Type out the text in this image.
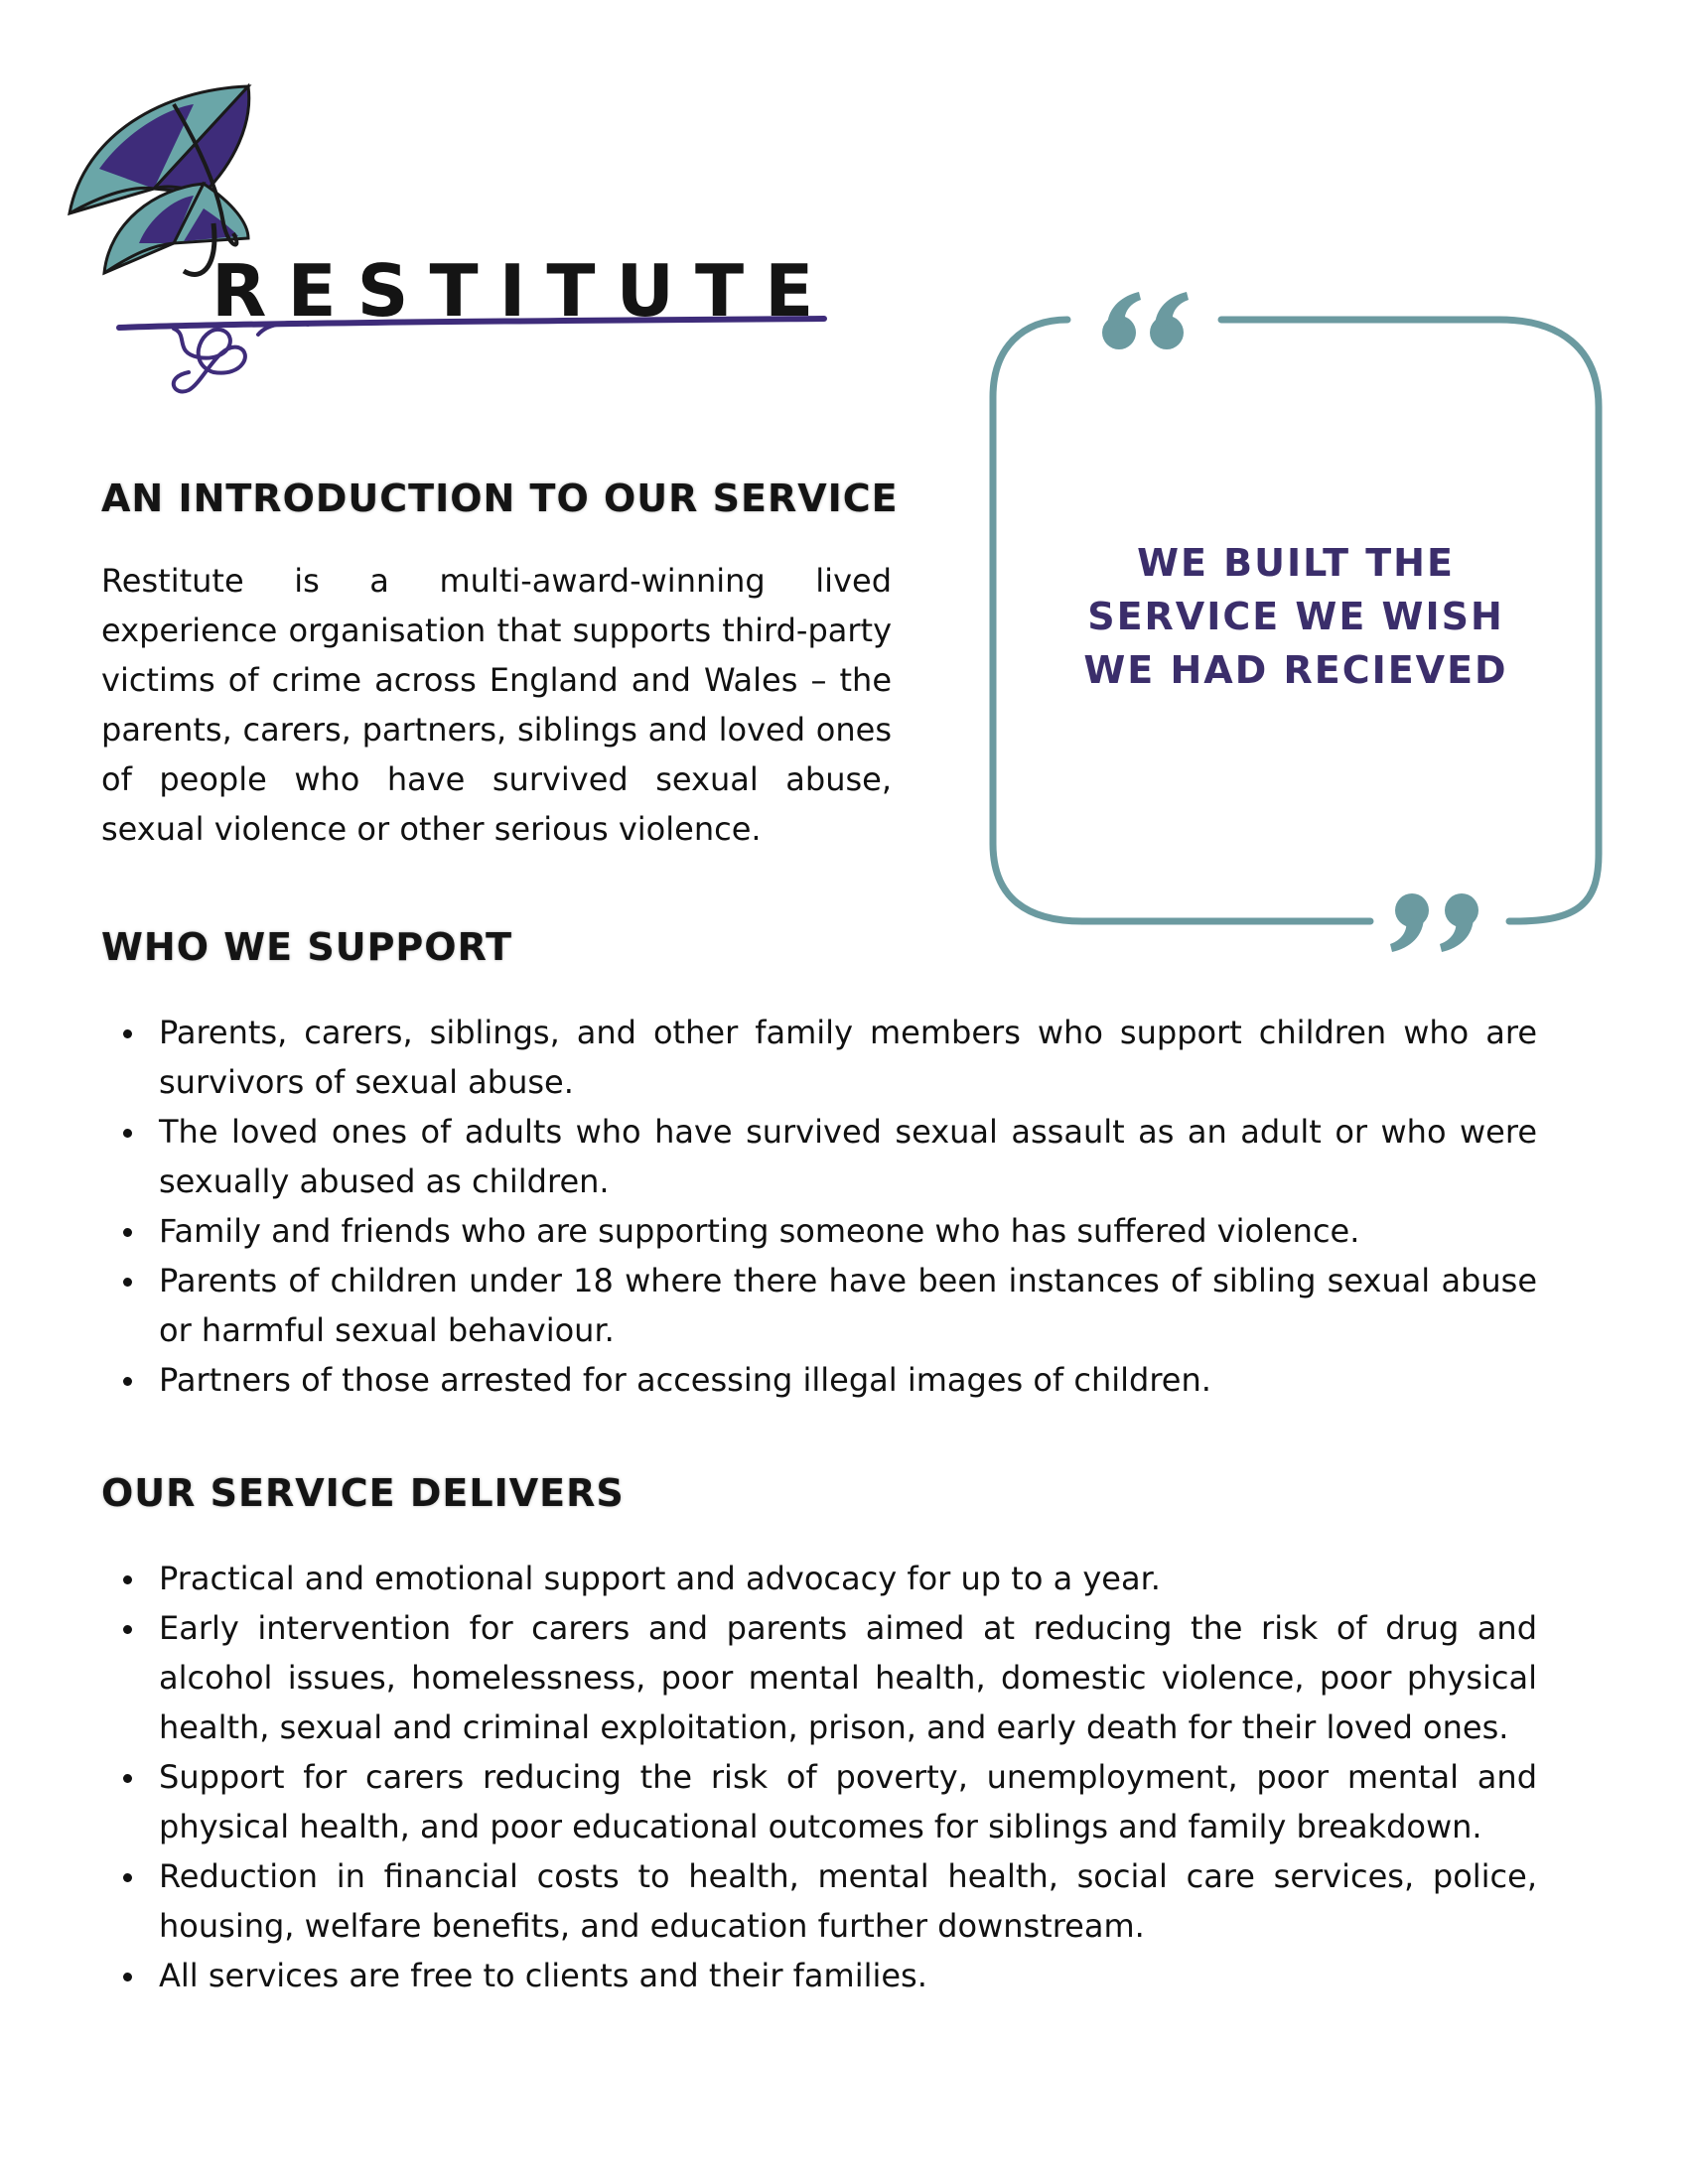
RESTITUTE
AN INTRODUCTION TO OUR SERVICE

Restitute is a multi-award-winning lived experience organisation that supports third-party victims of crime across England and Wales – the parents, carers, partners, siblings and loved ones of people who have survived sexual abuse, sexual violence or other serious violence.

WE BUILT THE
SERVICE WE WISH
WE HAD RECIEVED
WHO WE SUPPORT
Parents, carers, siblings, and other family members who support children who are survivors of sexual abuse.
The loved ones of adults who have survived sexual assault as an adult or who were sexually abused as children.
Family and friends who are supporting someone who has suffered violence.
Parents of children under 18 where there have been instances of sibling sexual abuse or harmful sexual behaviour.
Partners of those arrested for accessing illegal images of children.
OUR SERVICE DELIVERS
Practical and emotional support and advocacy for up to a year.
Early intervention for carers and parents aimed at reducing the risk of drug and alcohol issues, homelessness, poor mental health, domestic violence, poor physical health, sexual and criminal exploitation, prison, and early death for their loved ones.
Support for carers reducing the risk of poverty, unemployment, poor mental and physical health, and poor educational outcomes for siblings and family breakdown.
Reduction in financial costs to health, mental health, social care services, police, housing, welfare benefits, and education further downstream.
All services are free to clients and their families.
